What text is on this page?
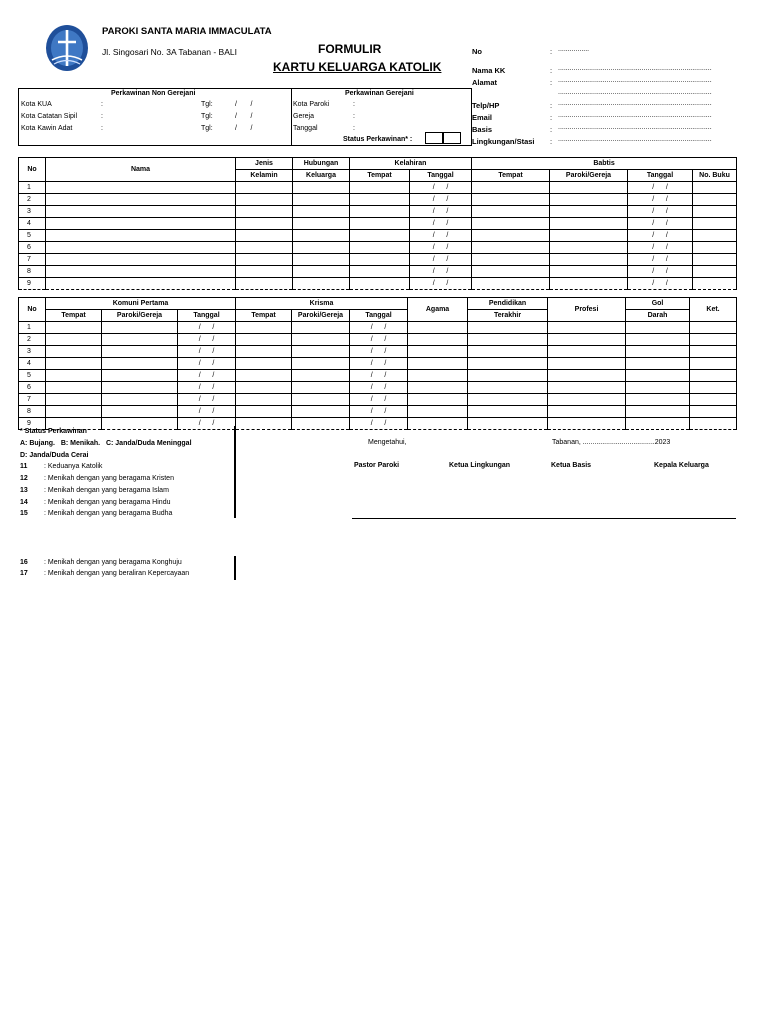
PAROKI SANTA MARIA IMMACULATA
Jl. Singosari No. 3A Tabanan - BALI	FORMULIR
KARTU KELUARGA KATOLIK
No	: ................
Nama KK	: ...............................................................................
Alamat	: ...............................................................................
...............................................................................
Telp/HP	: ...............................................................................
Email	: ...............................................................................
Basis	: ...............................................................................
Lingkungan/Stasi : ...............................................................................
Perkawinan Non Gerejani	Perkawinan Gerejani
Kota KUA	:	Tgl:	/       /
Kota Catatan Sipil	:	Tgl:	/       /
Kota Kawin Adat	:	Tgl:	/       /
Kota Paroki	:
Gereja	:
Tanggal	:
Status Perkawinan* :
No	Nama	Jenis	Hubungan	Kelahiran		Babtis			
		Kelamin	Keluarga	Tempat	Tanggal	Tempat	Paroki/Gereja	Tanggal	No. Buku
1					/      /			/      /	
2					/      /			/      /	
3					/      /			/      /	
4					/      /			/      /	
5					/      /			/      /	
6					/      /			/      /	
7					/      /			/      /	
8					/      /			/      /	
9					/      /			/      /	
No	Komuni Pertama			Krisma			Agama	Pendidikan	Profesi	Gol	Ket.
	Tempat	Paroki/Gereja	Tanggal	Tempat	Paroki/Gereja	Tanggal		Terakhir		Darah	
1			/      /			/      /					
2			/      /			/      /					
3			/      /			/      /					
4			/      /			/      /					
5			/      /			/      /					
6			/      /			/      /					
7			/      /			/      /					
8			/      /			/      /					
9			/      /			/      /					
* Status Perkawinan
A: Bujang.   B: Menikah.   C: Janda/Duda Meninggal
D: Janda/Duda Cerai
11 : Keduanya Katolik
12 : Menikah dengan yang beragama Kristen
13 : Menikah dengan yang beragama Islam
14 : Menikah dengan yang beragama Hindu
15 : Menikah dengan yang beragama Budha
16 : Menikah dengan yang beragama Konghuju
17 : Menikah dengan yang beraliran Kepercayaan
Mengetahui,	Tabanan, .....................................2023
Pastor Paroki	Ketua Lingkungan	Ketua Basis	Kepala Keluarga
